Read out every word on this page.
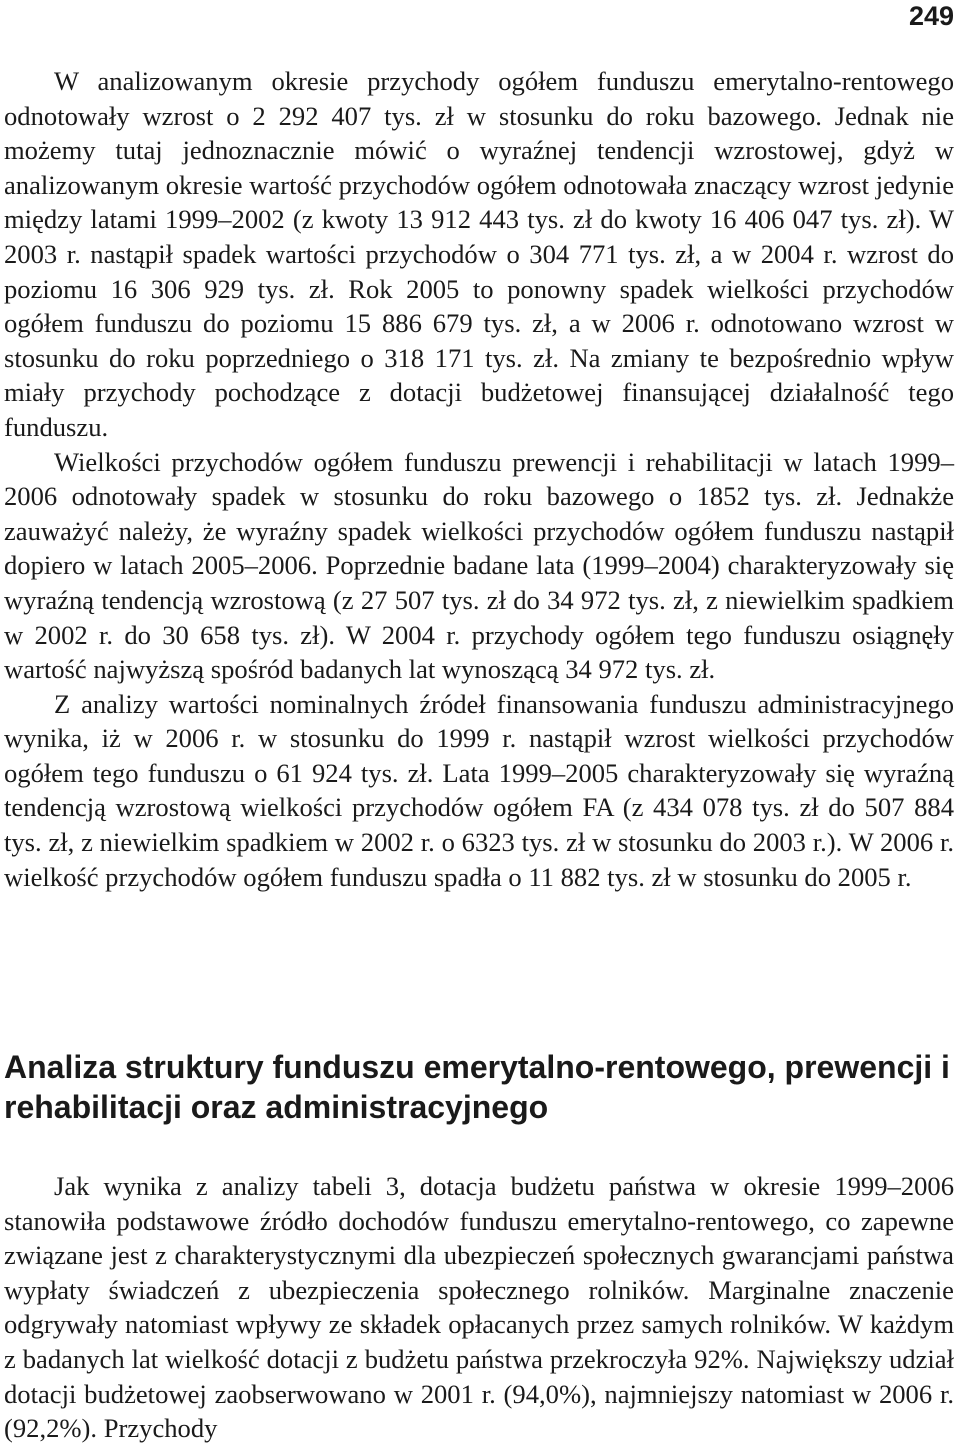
249

W analizowanym okresie przychody ogółem funduszu emerytalno-rentowego odnotowały wzrost o 2 292 407 tys. zł w stosunku do roku bazowego. Jednak nie możemy tutaj jednoznacznie mówić o wyraźnej tendencji wzrostowej, gdyż w analizowanym okresie wartość przychodów ogółem odnotowała znaczący wzrost jedynie między latami 1999–2002 (z kwoty 13 912 443 tys. zł do kwoty 16 406 047 tys. zł). W 2003 r. nastąpił spadek wartości przychodów o 304 771 tys. zł, a w 2004 r. wzrost do poziomu 16 306 929 tys. zł. Rok 2005 to ponowny spadek wielkości przychodów ogółem funduszu do poziomu 15 886 679 tys. zł, a w 2006 r. odnotowano wzrost w stosunku do roku poprzedniego o 318 171 tys. zł. Na zmiany te bezpośrednio wpływ miały przychody pochodzące z dotacji budżetowej finansującej działalność tego funduszu.

Wielkości przychodów ogółem funduszu prewencji i rehabilitacji w latach 1999–2006 odnotowały spadek w stosunku do roku bazowego o 1852 tys. zł. Jednakże zauważyć należy, że wyraźny spadek wielkości przychodów ogółem funduszu nastąpił dopiero w latach 2005–2006. Poprzednie badane lata (1999–2004) charakteryzowały się wyraźną tendencją wzrostową (z 27 507 tys. zł do 34 972 tys. zł, z niewielkim spadkiem w 2002 r. do 30 658 tys. zł). W 2004 r. przychody ogółem tego funduszu osiągnęły wartość najwyższą spośród badanych lat wynoszącą 34 972 tys. zł.

Z analizy wartości nominalnych źródeł finansowania funduszu administracyjnego wynika, iż w 2006 r. w stosunku do 1999 r. nastąpił wzrost wielkości przychodów ogółem tego funduszu o 61 924 tys. zł. Lata 1999–2005 charakteryzowały się wyraźną tendencją wzrostową wielkości przychodów ogółem FA (z 434 078 tys. zł do 507 884 tys. zł, z niewielkim spadkiem w 2002 r. o 6323 tys. zł w stosunku do 2003 r.). W 2006 r. wielkość przychodów ogółem funduszu spadła o 11 882 tys. zł w stosunku do 2005 r.

Analiza struktury funduszu emerytalno-rentowego, prewencji i rehabilitacji oraz administracyjnego

Jak wynika z analizy tabeli 3, dotacja budżetu państwa w okresie 1999–2006 stanowiła podstawowe źródło dochodów funduszu emerytalno-rentowego, co zapewne związane jest z charakterystycznymi dla ubezpieczeń społecznych gwarancjami państwa wypłaty świadczeń z ubezpieczenia społecznego rolników. Marginalne znaczenie odgrywały natomiast wpływy ze składek opłacanych przez samych rolników. W każdym z badanych lat wielkość dotacji z budżetu państwa przekroczyła 92%. Największy udział dotacji budżetowej zaobserwowano w 2001 r. (94,0%), najmniejszy natomiast w 2006 r. (92,2%). Przychody
